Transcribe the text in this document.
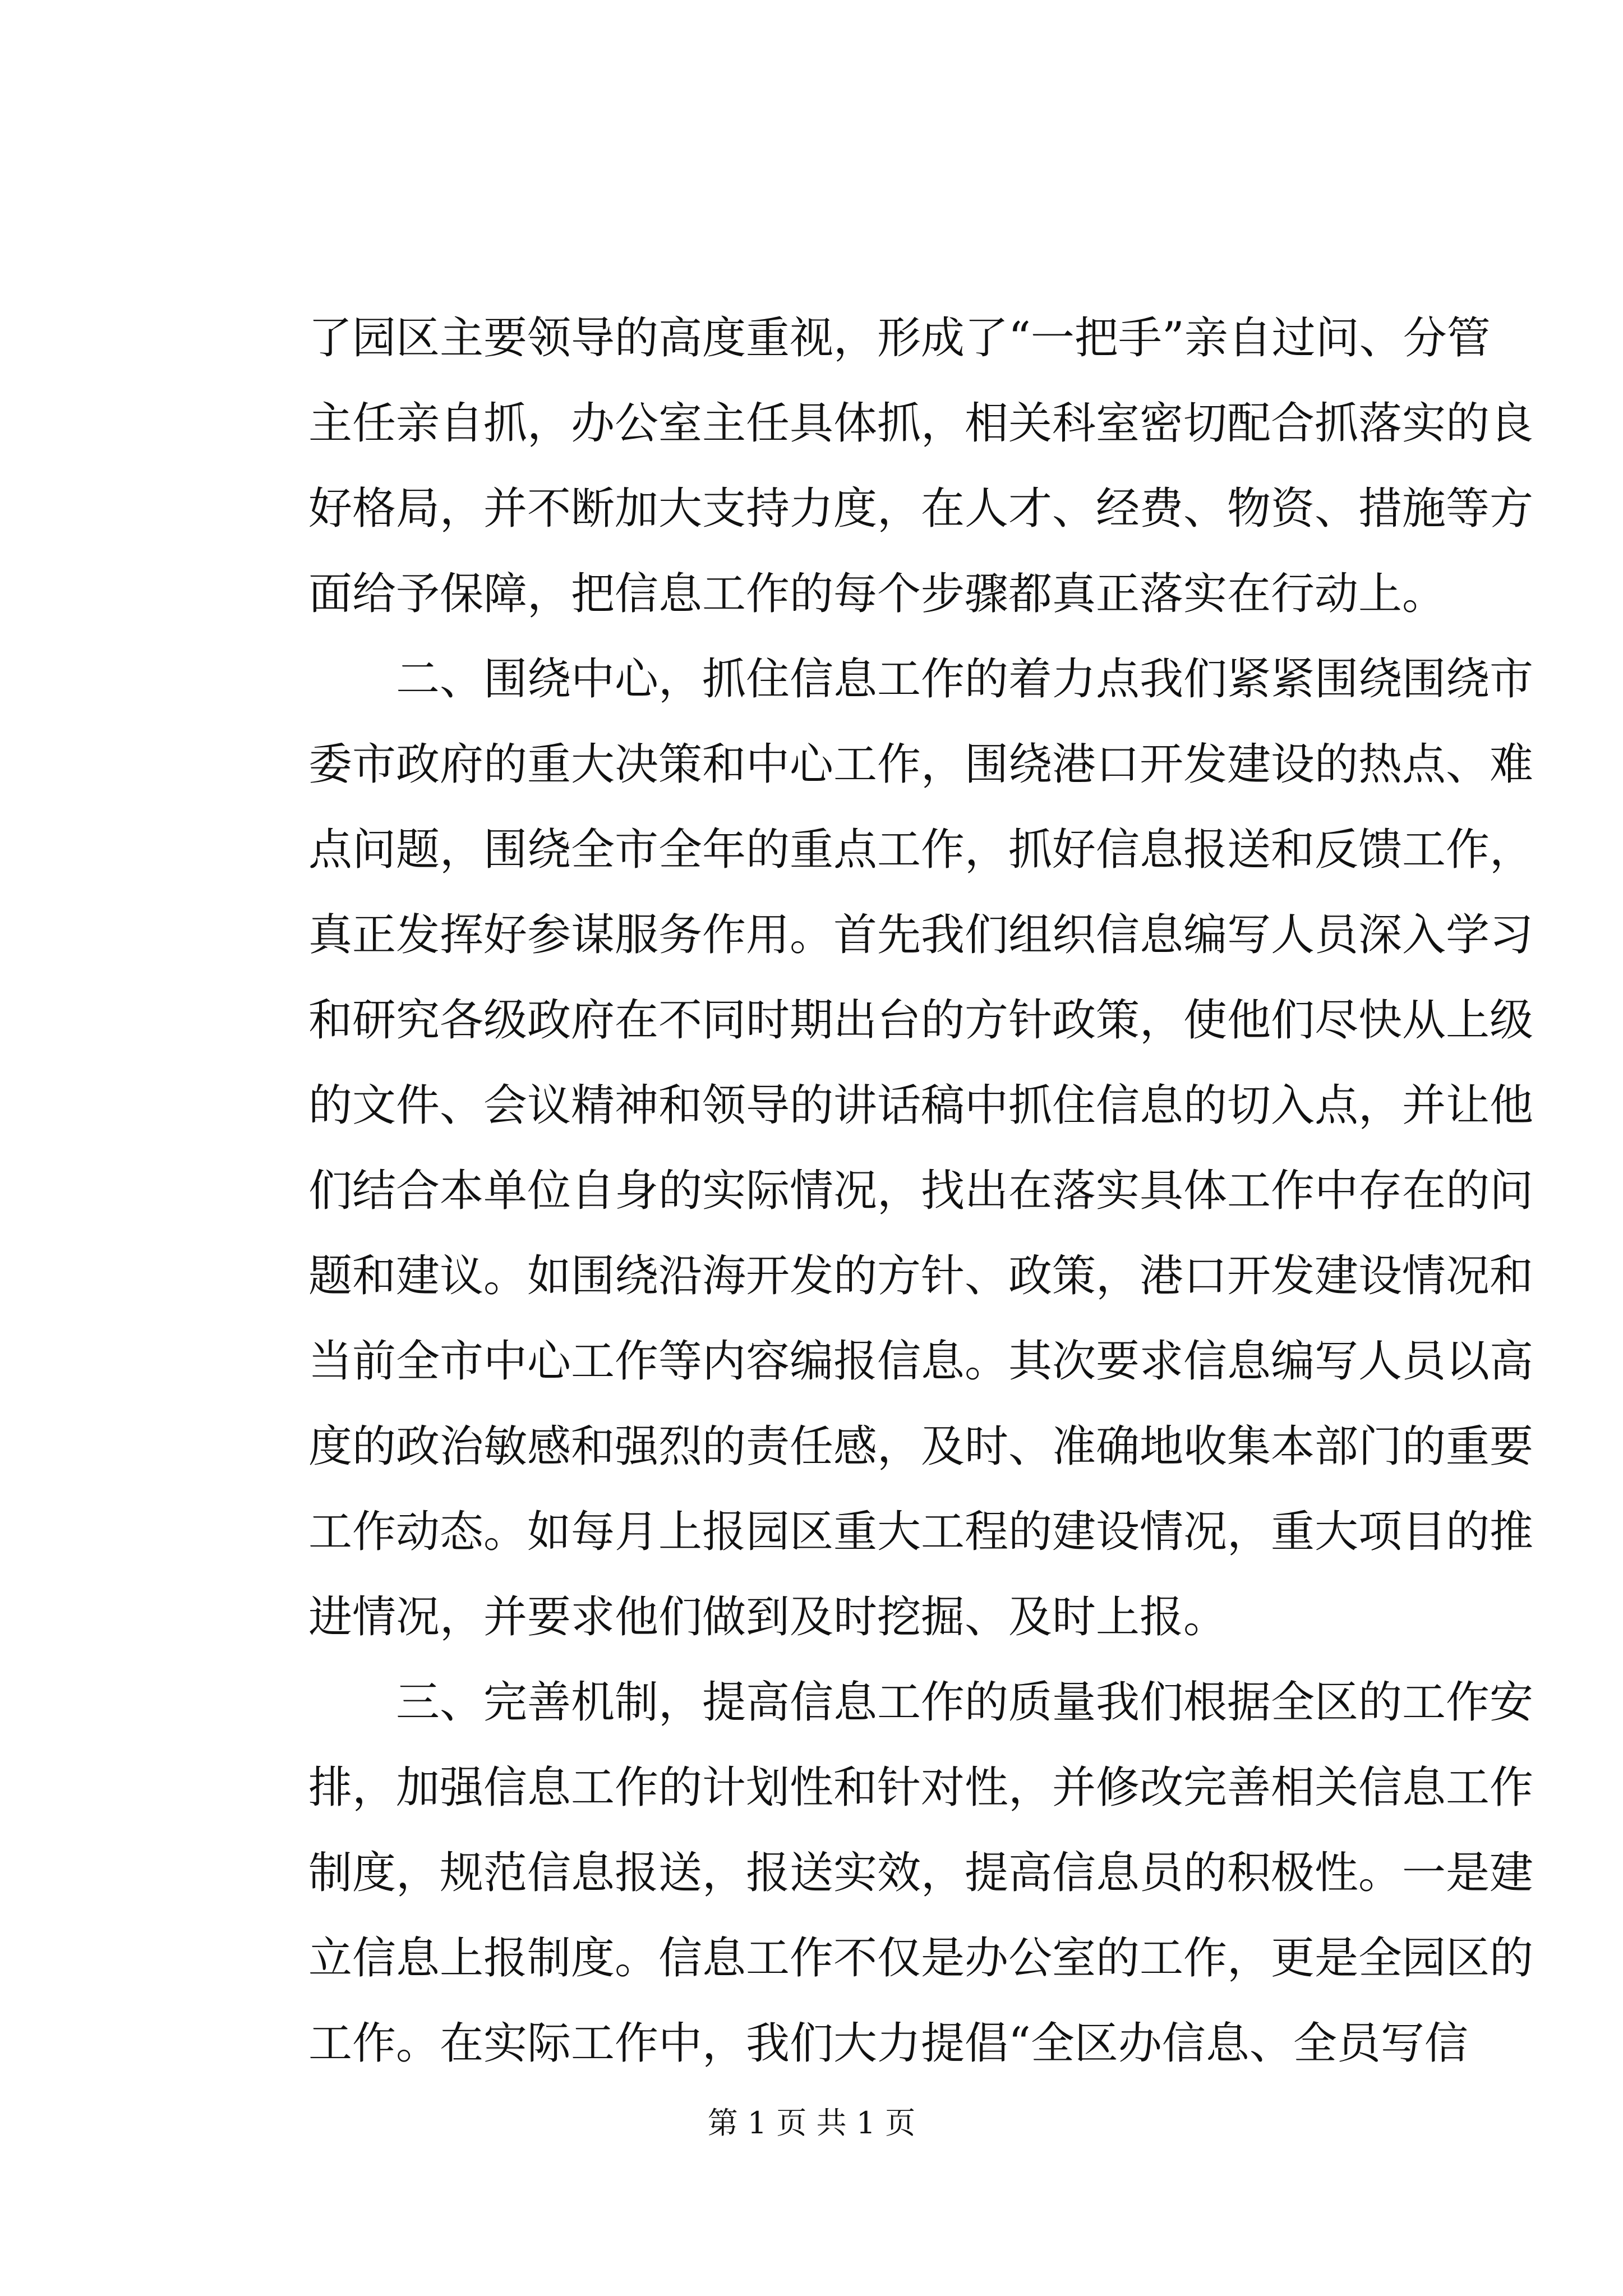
了园区主要领导的高度重视，形成了“一把手”亲自过问、分管
主任亲自抓，办公室主任具体抓，相关科室密切配合抓落实的良
好格局，并不断加大支持力度，在人才、经费、物资、措施等方
面给予保障，把信息工作的每个步骤都真正落实在行动上。
　　二、围绕中心，抓住信息工作的着力点我们紧紧围绕围绕市
委市政府的重大决策和中心工作，围绕港口开发建设的热点、难
点问题，围绕全市全年的重点工作，抓好信息报送和反馈工作，
真正发挥好参谋服务作用。首先我们组织信息编写人员深入学习
和研究各级政府在不同时期出台的方针政策，使他们尽快从上级
的文件、会议精神和领导的讲话稿中抓住信息的切入点，并让他
们结合本单位自身的实际情况，找出在落实具体工作中存在的问
题和建议。如围绕沿海开发的方针、政策，港口开发建设情况和
当前全市中心工作等内容编报信息。其次要求信息编写人员以高
度的政治敏感和强烈的责任感，及时、准确地收集本部门的重要
工作动态。如每月上报园区重大工程的建设情况，重大项目的推
进情况，并要求他们做到及时挖掘、及时上报。
　　三、完善机制，提高信息工作的质量我们根据全区的工作安
排，加强信息工作的计划性和针对性，并修改完善相关信息工作
制度，规范信息报送，报送实效，提高信息员的积极性。一是建
立信息上报制度。信息工作不仅是办公室的工作，更是全园区的
工作。在实际工作中，我们大力提倡“全区办信息、全员写信
第 1 页 共 1 页
